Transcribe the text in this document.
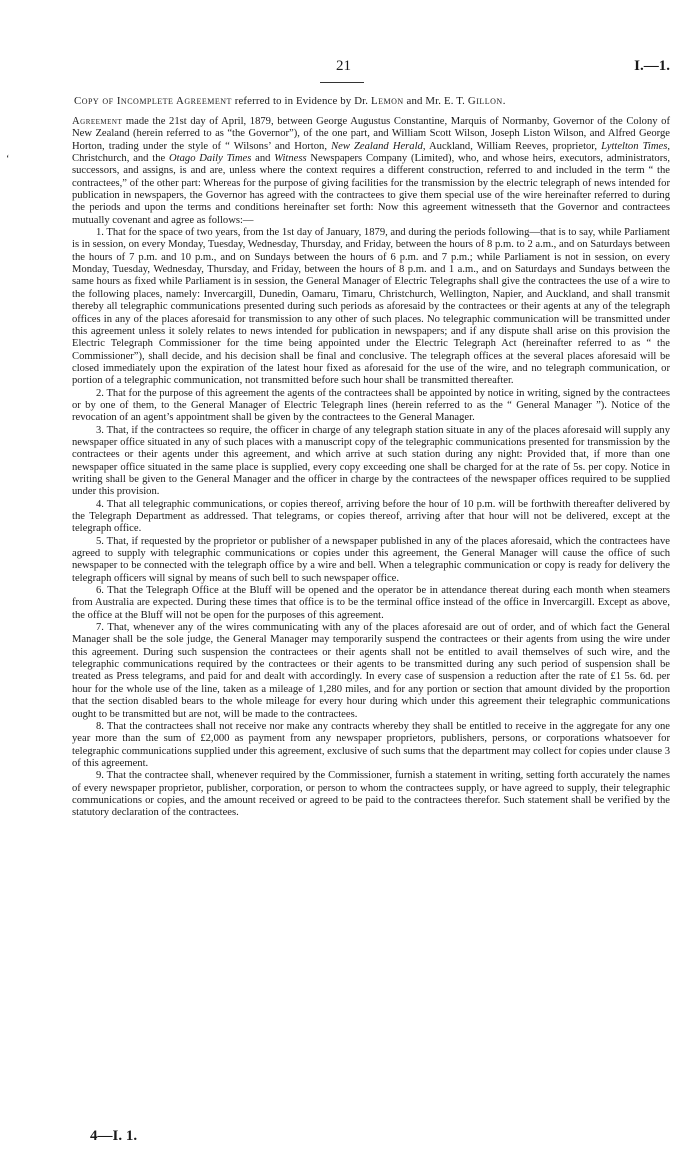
21	I.—1.
Copy of Incomplete Agreement referred to in Evidence by Dr. Lemon and Mr. E. T. Gillon.
‘

Agreement made the 21st day of April, 1879, between George Augustus Constantine, Marquis of Normanby, Governor of the Colony of New Zealand (herein referred to as “the Governor”), of the one part, and William Scott Wilson, Joseph Liston Wilson, and Alfred George Horton, trading under the style of “ Wilsons’ and Horton, New Zealand Herald, Auckland, William Reeves, proprietor, Lyttelton Times, Christchurch, and the Otago Daily Times and Witness Newspapers Company (Limited), who, and whose heirs, executors, administrators, successors, and assigns, is and are, unless where the context requires a different construction, referred to and included in the term “ the contractees,” of the other part: Whereas for the purpose of giving facilities for the transmission by the electric telegraph of news intended for publication in newspapers, the Governor has agreed with the contractees to give them special use of the wire hereinafter referred to during the periods and upon the terms and conditions hereinafter set forth: Now this agreement witnesseth that the Governor and contractees mutually covenant and agree as follows:—

1. That for the space of two years, from the 1st day of January, 1879, and during the periods following—that is to say, while Parliament is in session, on every Monday, Tuesday, Wednesday, Thursday, and Friday, between the hours of 8 p.m. to 2 a.m., and on Saturdays between the hours of 7 p.m. and 10 p.m., and on Sundays between the hours of 6 p.m. and 7 p.m.; while Parliament is not in session, on every Monday, Tuesday, Wednesday, Thursday, and Friday, between the hours of 8 p.m. and 1 a.m., and on Saturdays and Sundays between the same hours as fixed while Parliament is in session, the General Manager of Electric Telegraphs shall give the contractees the use of a wire to the following places, namely: Invercargill, Dunedin, Oamaru, Timaru, Christchurch, Wellington, Napier, and Auckland, and shall transmit thereby all telegraphic communications presented during such periods as aforesaid by the contractees or their agents at any of the telegraph offices in any of the places aforesaid for transmission to any other of such places. No telegraphic communication will be transmitted under this agreement unless it solely relates to news intended for publication in newspapers; and if any dispute shall arise on this provision the Electric Telegraph Commissioner for the time being appointed under the Electric Telegraph Act (hereinafter referred to as “ the Commissioner”), shall decide, and his decision shall be final and conclusive. The telegraph offices at the several places aforesaid will be closed immediately upon the expiration of the latest hour fixed as aforesaid for the use of the wire, and no telegraph communication, or portion of a telegraphic communication, not transmitted before such hour shall be transmitted thereafter.

2. That for the purpose of this agreement the agents of the contractees shall be appointed by notice in writing, signed by the contractees or by one of them, to the General Manager of Electric Telegraph lines (herein referred to as the “ General Manager ”). Notice of the revocation of an agent’s appointment shall be given by the contractees to the General Manager.

3. That, if the contractees so require, the officer in charge of any telegraph station situate in any of the places aforesaid will supply any newspaper office situated in any of such places with a manuscript copy of the telegraphic communications presented for transmission by the contractees or their agents under this agreement, and which arrive at such station during any night: Provided that, if more than one newspaper office situated in the same place is supplied, every copy exceeding one shall be charged for at the rate of 5s. per copy. Notice in writing shall be given to the General Manager and the officer in charge by the contractees of the newspaper offices required to be supplied under this provision.

4. That all telegraphic communications, or copies thereof, arriving before the hour of 10 p.m. will be forthwith thereafter delivered by the Telegraph Department as addressed. That telegrams, or copies thereof, arriving after that hour will not be delivered, except at the telegraph office.

5. That, if requested by the proprietor or publisher of a newspaper published in any of the places aforesaid, which the contractees have agreed to supply with telegraphic communications or copies under this agreement, the General Manager will cause the office of such newspaper to be connected with the telegraph office by a wire and bell. When a telegraphic communication or copy is ready for delivery the telegraph officers will signal by means of such bell to such newspaper office.

6. That the Telegraph Office at the Bluff will be opened and the operator be in attendance thereat during each month when steamers from Australia are expected. During these times that office is to be the terminal office instead of the office in Invercargill. Except as above, the office at the Bluff will not be open for the purposes of this agreement.

7. That, whenever any of the wires communicating with any of the places aforesaid are out of order, and of which fact the General Manager shall be the sole judge, the General Manager may temporarily suspend the contractees or their agents from using the wire under this agreement. During such suspension the contractees or their agents shall not be entitled to avail themselves of such wire, and the telegraphic communications required by the contractees or their agents to be transmitted during any such period of suspension shall be treated as Press telegrams, and paid for and dealt with accordingly. In every case of suspension a reduction after the rate of £1 5s. 6d. per hour for the whole use of the line, taken as a mileage of 1,280 miles, and for any portion or section that amount divided by the proportion that the section disabled bears to the whole mileage for every hour during which under this agreement their telegraphic communications ought to be transmitted but are not, will be made to the contractees.

8. That the contractees shall not receive nor make any contracts whereby they shall be entitled to receive in the aggregate for any one year more than the sum of £2,000 as payment from any newspaper proprietors, publishers, persons, or corporations whatsoever for telegraphic communications supplied under this agreement, exclusive of such sums that the department may collect for copies under clause 3 of this agreement.

9. That the contractee shall, whenever required by the Commissioner, furnish a statement in writing, setting forth accurately the names of every newspaper proprietor, publisher, corporation, or person to whom the contractees supply, or have agreed to supply, their telegraphic communications or copies, and the amount received or agreed to be paid to the contractees therefor. Such statement shall be verified by the statutory declaration of the contractees.

4—I. 1.
